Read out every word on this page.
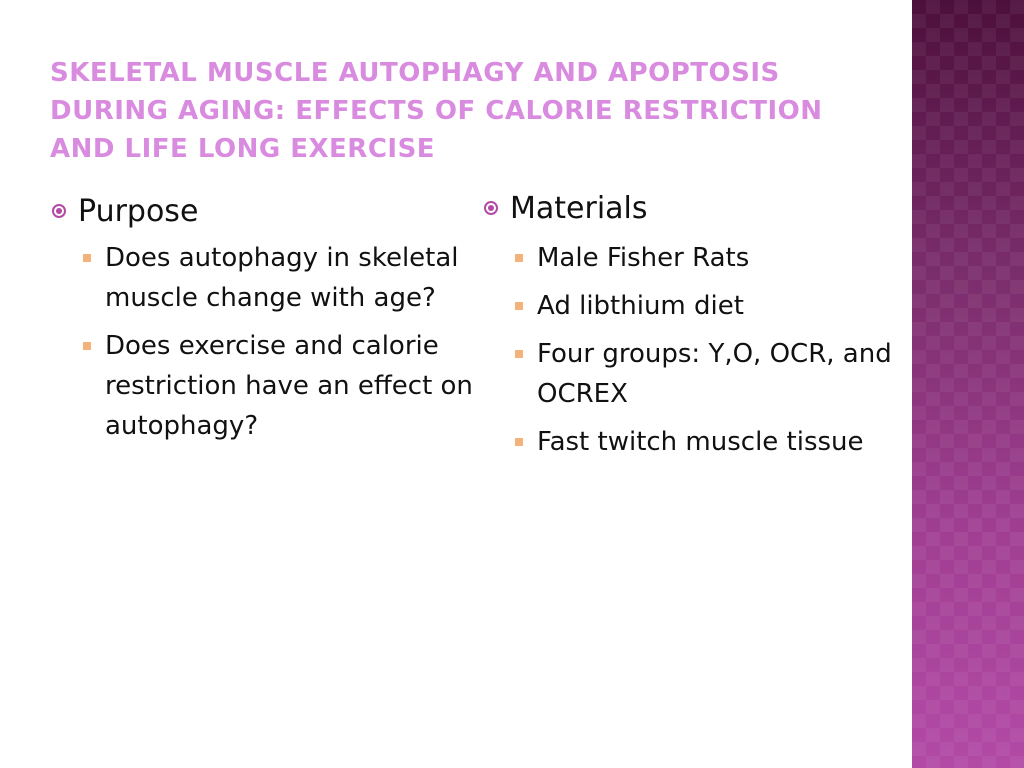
SKELETAL MUSCLE AUTOPHAGY AND APOPTOSIS DURING AGING: EFFECTS OF CALORIE RESTRICTION AND LIFE LONG EXERCISE
Purpose
Does autophagy in skeletal muscle change with age?
Does exercise and calorie restriction have an effect on autophagy?
Materials
Male Fisher Rats
Ad libthium diet
Four groups: Y,O, OCR, and OCREX
Fast twitch muscle tissue
